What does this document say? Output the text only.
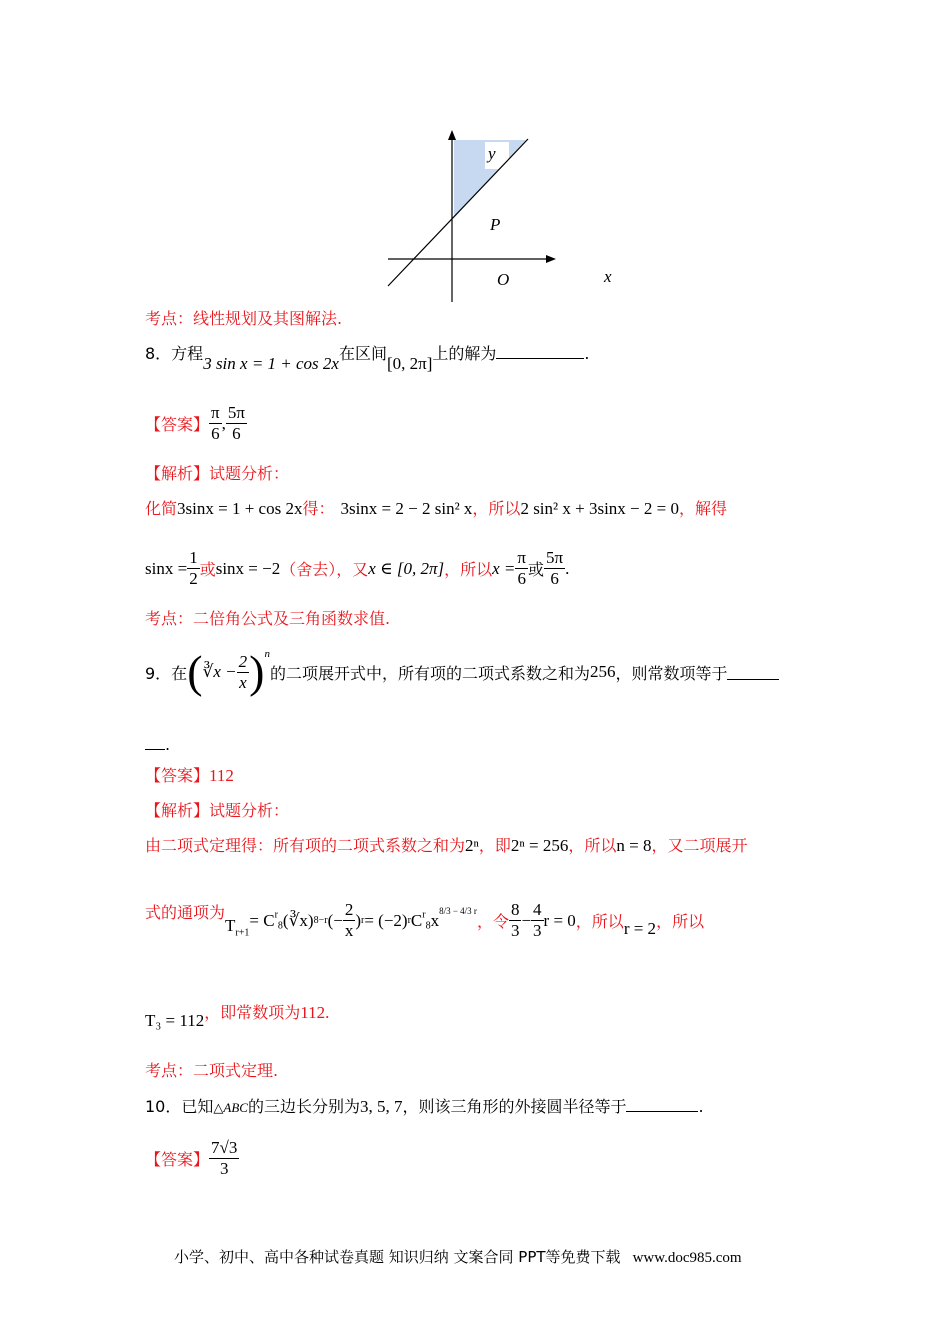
y
P
O	x
考点：线性规划及其图解法.
8．方程3 sin x = 1 + cos 2x在区间[0, 2π]上的解为	.
【答案】 $\frac{\pi}{6}$ , $\frac{5\pi}{6}$
【解析】试题分析：
化简3sinx = 1 + cos 2x得： 3sinx = 2 − 2 sin² x，所以2 sin² x + 3sinx − 2 = 0，解得
$\sin x = \frac{1}{2}$ 或 sinx = −2 （舍去），又 x ∈ [0, 2π] ，所以 $x = \frac{\pi}{6}$ 或 $\frac{5\pi}{6}$ .
考点：二倍角公式及三角函数求值.
9．在 ( ∛x − $\frac{2}{x}$ ) n
的二项展开式中，所有项的二项式系数之和为 256 ，则常数项等于
.
【答案】112
【解析】试题分析：
由二项式定理得：所有项的二项式系数之和为2ⁿ，即2ⁿ = 256，所以n = 8，又二项展开
式的通项为
$T_{r+1}$
= C $^r_8$ (∛x) 8−r (− $\frac{2}{x}$ ) r = (−2) r C $^r_8$ x 8/3 − 4/3 r
，令 $\frac{8}{3} - \frac{4}{3}$ r = 0 ，所以 r = 2 ，所以
T₃ = 112，即常数项为112.
考点：二项式定理.
10．已知△ABC的三边长分别为3, 5, 7，则该三角形的外接圆半径等于	.
【答案】 $\frac{7√3}{3}$
小学、初中、高中各种试卷真题 知识归纳 文案合同 PPT等免费下载 www.doc985.com
